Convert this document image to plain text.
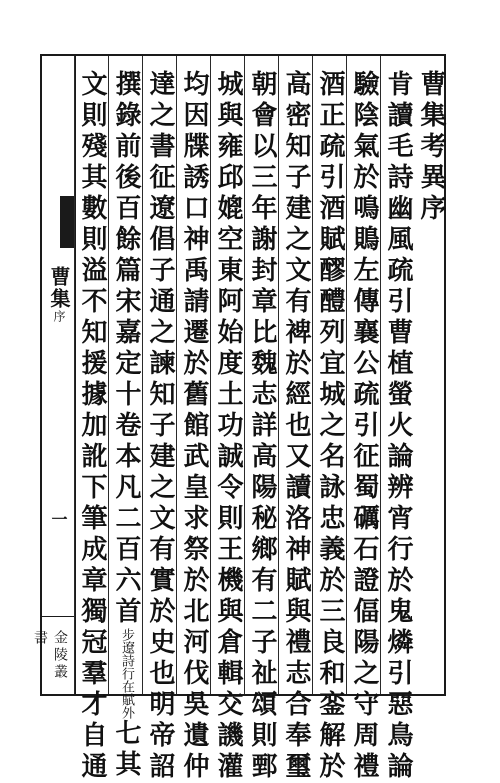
曹集序
一
金陵叢書
曹集考異序
肯讀毛詩幽風疏引曹植螢火論辨宵行於鬼燐引惡鳥論
驗陰氣於鳴鵙左傳襄公疏引征蜀礪石證偪陽之守周禮
酒正疏引酒賦醪醴列宜城之名詠忠義於三良和銮解於
高密知子建之文有裨於經也又讀洛神賦與禮志合奉璽
朝會以三年謝封章比魏志詳高陽秘鄉有二子祉頌則鄄
城與雍邱媲空東阿始度土功誠令則王機與倉輯交譏灌
均因牒誘口神禹請遷於舊館武皇求祭於北河伐吳遺仲
達之書征遼倡子通之諫知子建之文有實於史也明帝詔
撰錄前後百餘篇宋嘉定十卷本凡二百六首步遼詩行在賦外七其
文則殘其數則溢不知援據加訛下筆成章獨冠羣才自通
